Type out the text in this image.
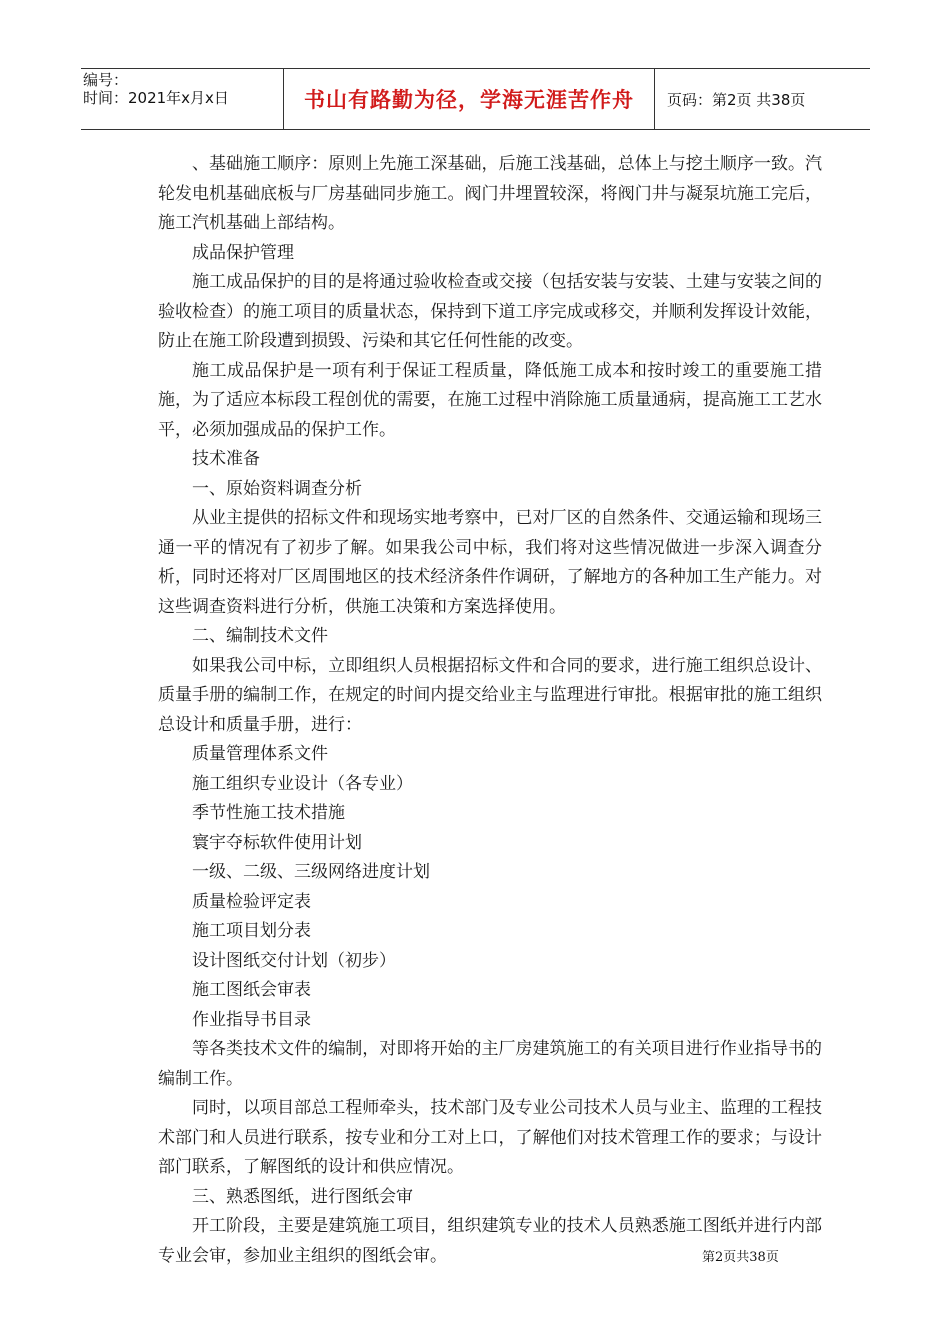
编号：
时间：2021年x月x日	书山有路勤为径，学海无涯苦作舟	页码：第2页 共38页

、基础施工顺序：原则上先施工深基础，后施工浅基础，总体上与挖土顺序一致。汽轮发电机基础底板与厂房基础同步施工。阀门井埋置较深，将阀门井与凝泵坑施工完后，施工汽机基础上部结构。

成品保护管理

施工成品保护的目的是将通过验收检查或交接（包括安装与安装、土建与安装之间的验收检查）的施工项目的质量状态，保持到下道工序完成或移交，并顺利发挥设计效能，防止在施工阶段遭到损毁、污染和其它任何性能的改变。

施工成品保护是一项有利于保证工程质量，降低施工成本和按时竣工的重要施工措施，为了适应本标段工程创优的需要，在施工过程中消除施工质量通病，提高施工工艺水平，必须加强成品的保护工作。

技术准备

一、原始资料调查分析

从业主提供的招标文件和现场实地考察中，已对厂区的自然条件、交通运输和现场三通一平的情况有了初步了解。如果我公司中标，我们将对这些情况做进一步深入调查分析，同时还将对厂区周围地区的技术经济条件作调研，了解地方的各种加工生产能力。对这些调查资料进行分析，供施工决策和方案选择使用。

二、编制技术文件

如果我公司中标，立即组织人员根据招标文件和合同的要求，进行施工组织总设计、质量手册的编制工作，在规定的时间内提交给业主与监理进行审批。根据审批的施工组织总设计和质量手册，进行：

质量管理体系文件

施工组织专业设计（各专业）

季节性施工技术措施

寰宇夺标软件使用计划

一级、二级、三级网络进度计划

质量检验评定表

施工项目划分表

设计图纸交付计划（初步）

施工图纸会审表

作业指导书目录

等各类技术文件的编制，对即将开始的主厂房建筑施工的有关项目进行作业指导书的编制工作。

同时，以项目部总工程师牵头，技术部门及专业公司技术人员与业主、监理的工程技术部门和人员进行联系，按专业和分工对上口，了解他们对技术管理工作的要求；与设计部门联系，了解图纸的设计和供应情况。

三、熟悉图纸，进行图纸会审

开工阶段，主要是建筑施工项目，组织建筑专业的技术人员熟悉施工图纸并进行内部专业会审，参加业主组织的图纸会审。	第2页共38页
